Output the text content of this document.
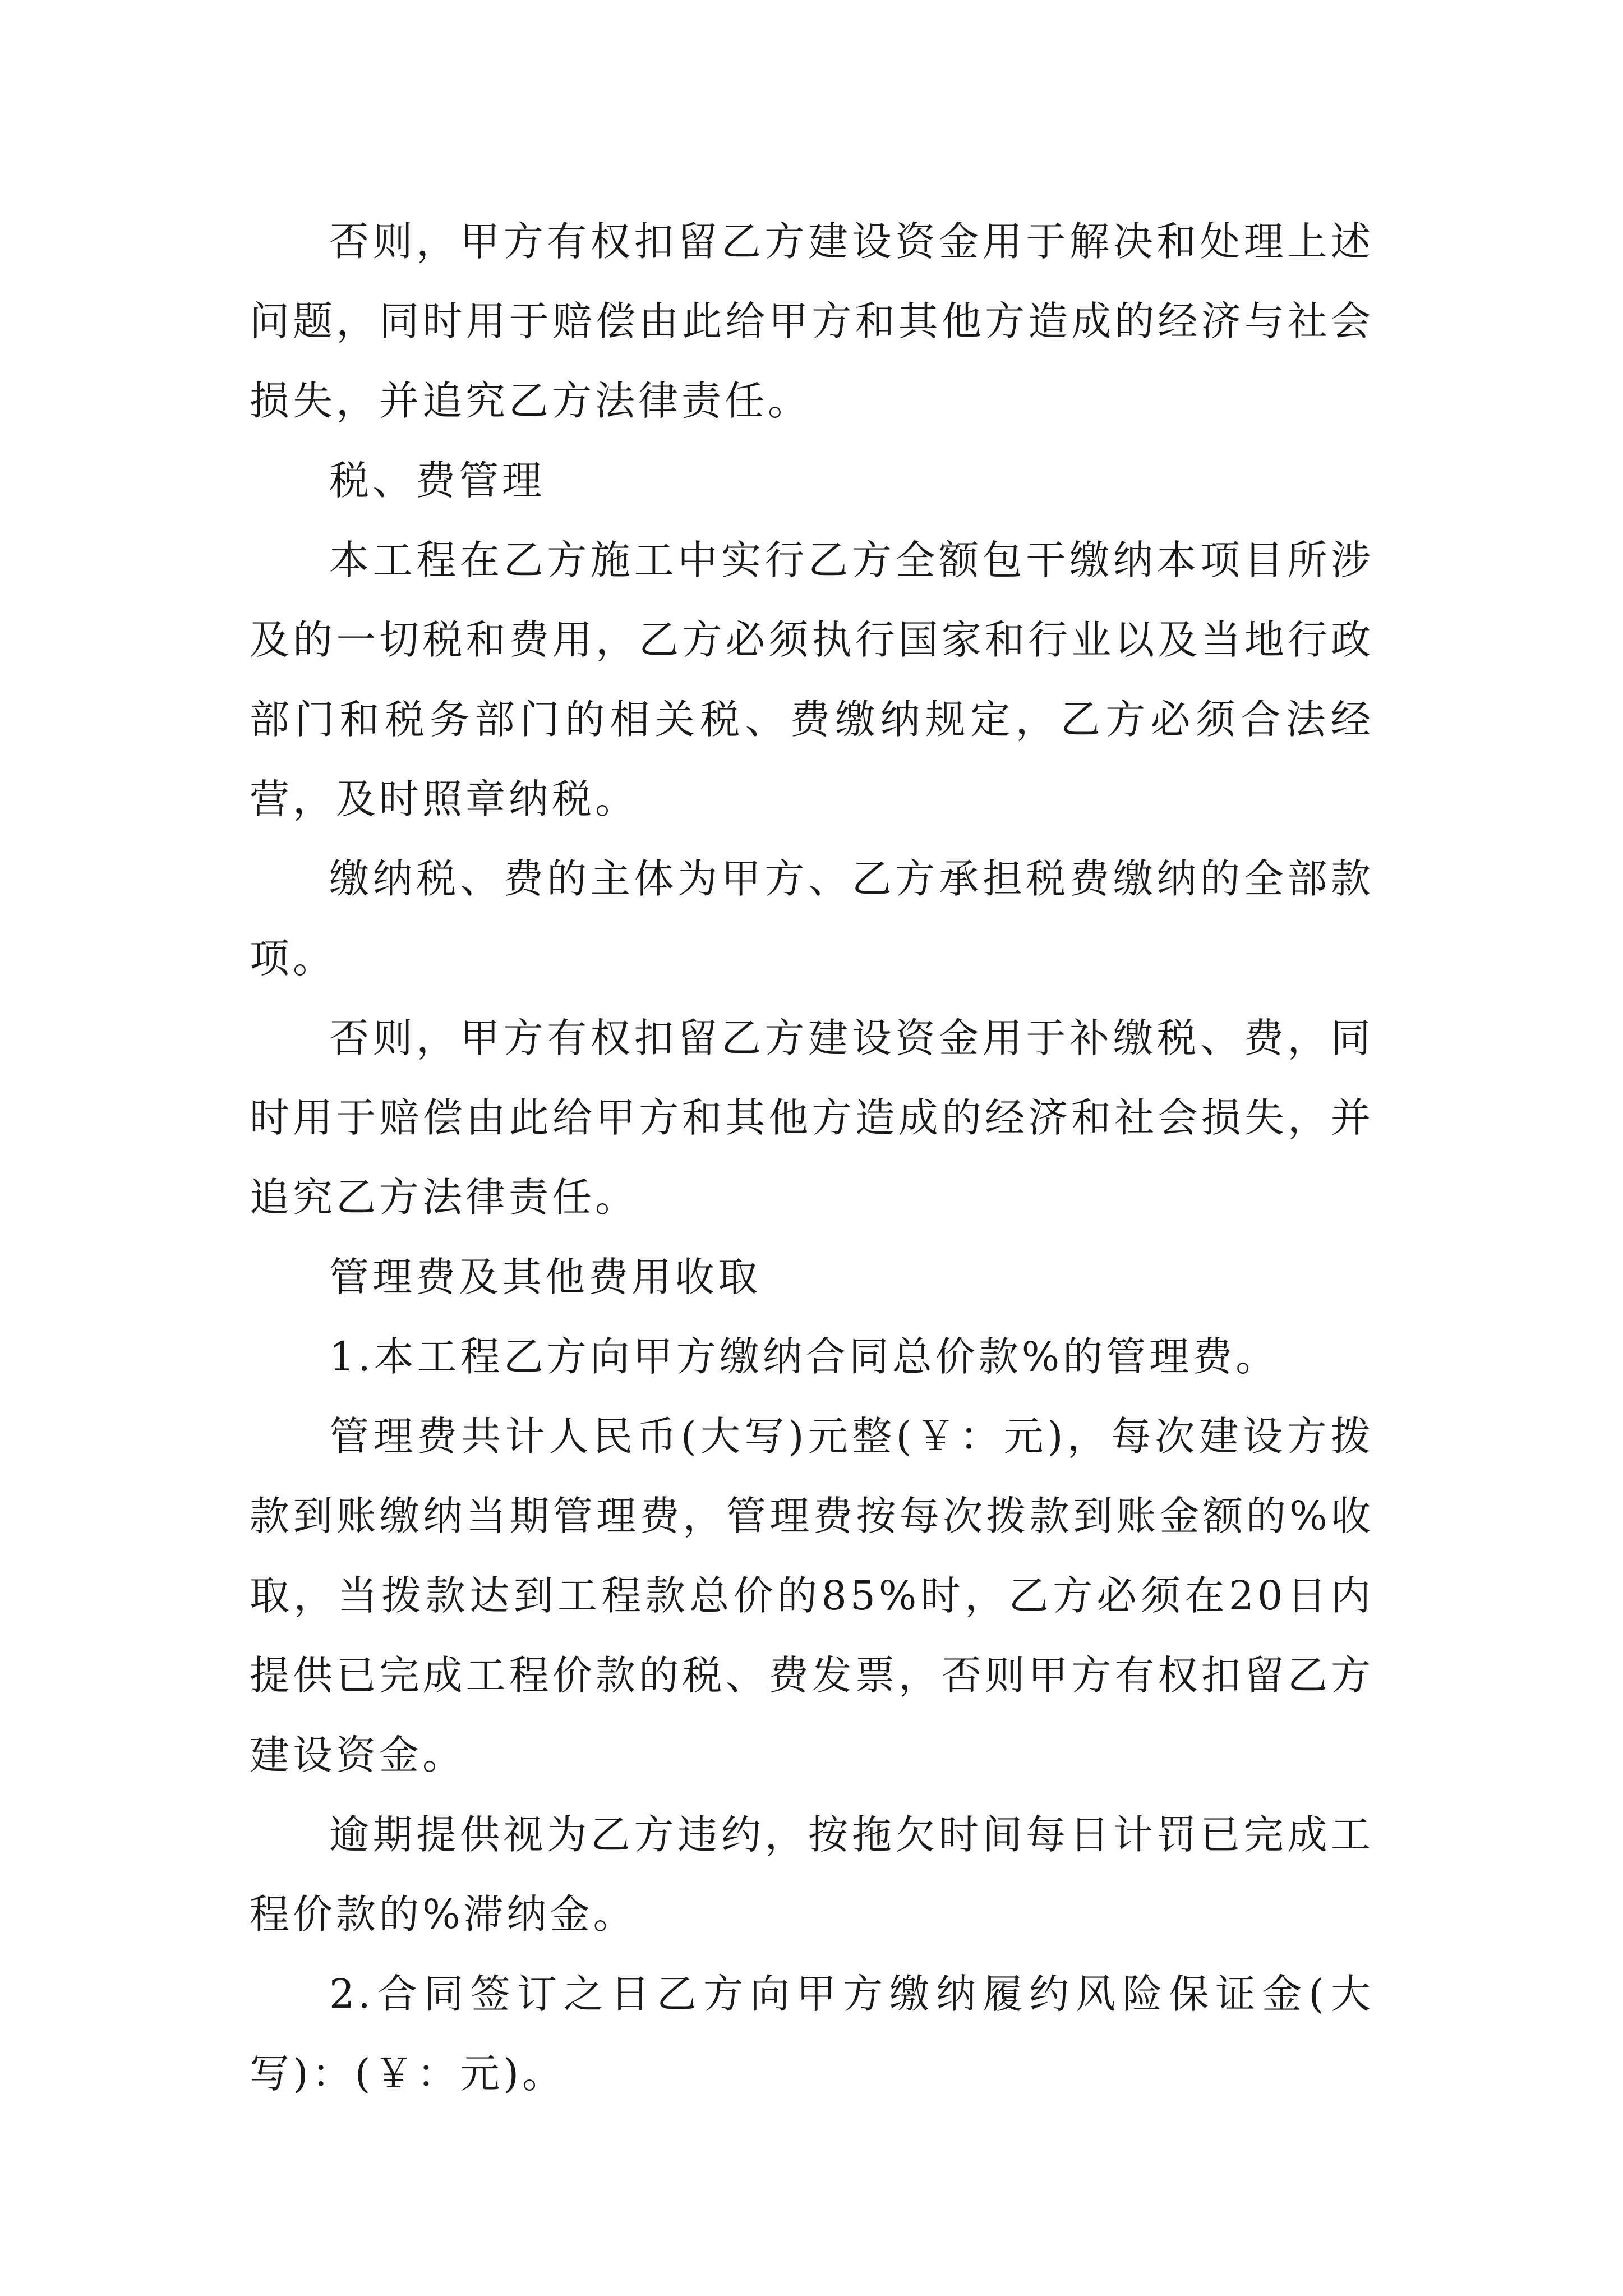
否则，甲方有权扣留乙方建设资金用于解决和处理上述问题，同时用于赔偿由此给甲方和其他方造成的经济与社会损失，并追究乙方法律责任。

税、费管理

本工程在乙方施工中实行乙方全额包干缴纳本项目所涉及的一切税和费用，乙方必须执行国家和行业以及当地行政部门和税务部门的相关税、费缴纳规定，乙方必须合法经营，及时照章纳税。

缴纳税、费的主体为甲方、乙方承担税费缴纳的全部款项。

否则，甲方有权扣留乙方建设资金用于补缴税、费，同时用于赔偿由此给甲方和其他方造成的经济和社会损失，并追究乙方法律责任。

管理费及其他费用收取

1.本工程乙方向甲方缴纳合同总价款%的管理费。

管理费共计人民币(大写)元整(￥：元)，每次建设方拨款到账缴纳当期管理费，管理费按每次拨款到账金额的%收取，当拨款达到工程款总价的85%时，乙方必须在20日内提供已完成工程价款的税、费发票，否则甲方有权扣留乙方建设资金。

逾期提供视为乙方违约，按拖欠时间每日计罚已完成工程价款的%滞纳金。

2.合同签订之日乙方向甲方缴纳履约风险保证金(大写)：(￥：元)。
